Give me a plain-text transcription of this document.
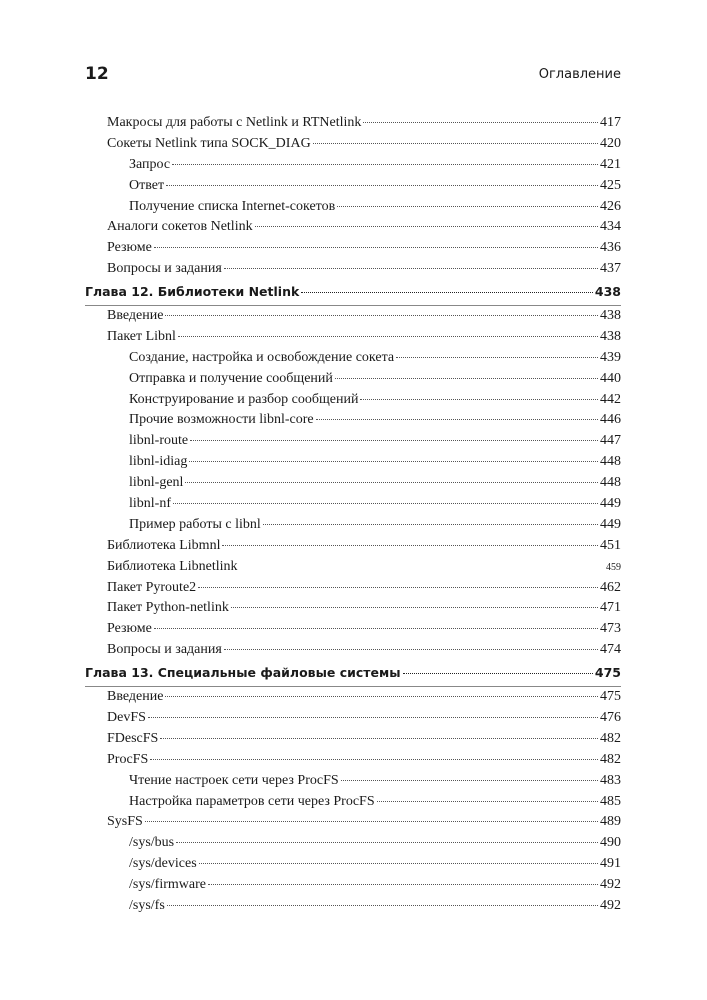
12	Оглавление
Макросы для работы с Netlink и RTNetlink	417
Сокеты Netlink типа SOCK_DIAG	420
Запрос	421
Ответ	425
Получение списка Internet-сокетов	426
Аналоги сокетов Netlink	434
Резюме	436
Вопросы и задания	437
Глава 12. Библиотеки Netlink	438
Введение	438
Пакет Libnl	438
Создание, настройка и освобождение сокета	439
Отправка и получение сообщений	440
Конструирование и разбор сообщений	442
Прочие возможности libnl-core	446
libnl-route	447
libnl-idiag	448
libnl-genl	448
libnl-nf	449
Пример работы с libnl	449
Библиотека Libmnl	451
Библиотека Libnetlink	459
Пакет Pyroute2	462
Пакет Python-netlink	471
Резюме	473
Вопросы и задания	474
Глава 13. Специальные файловые системы	475
Введение	475
DevFS	476
FDescFS	482
ProcFS	482
Чтение настроек сети через ProcFS	483
Настройка параметров сети через ProcFS	485
SysFS	489
/sys/bus	490
/sys/devices	491
/sys/firmware	492
/sys/fs	492
